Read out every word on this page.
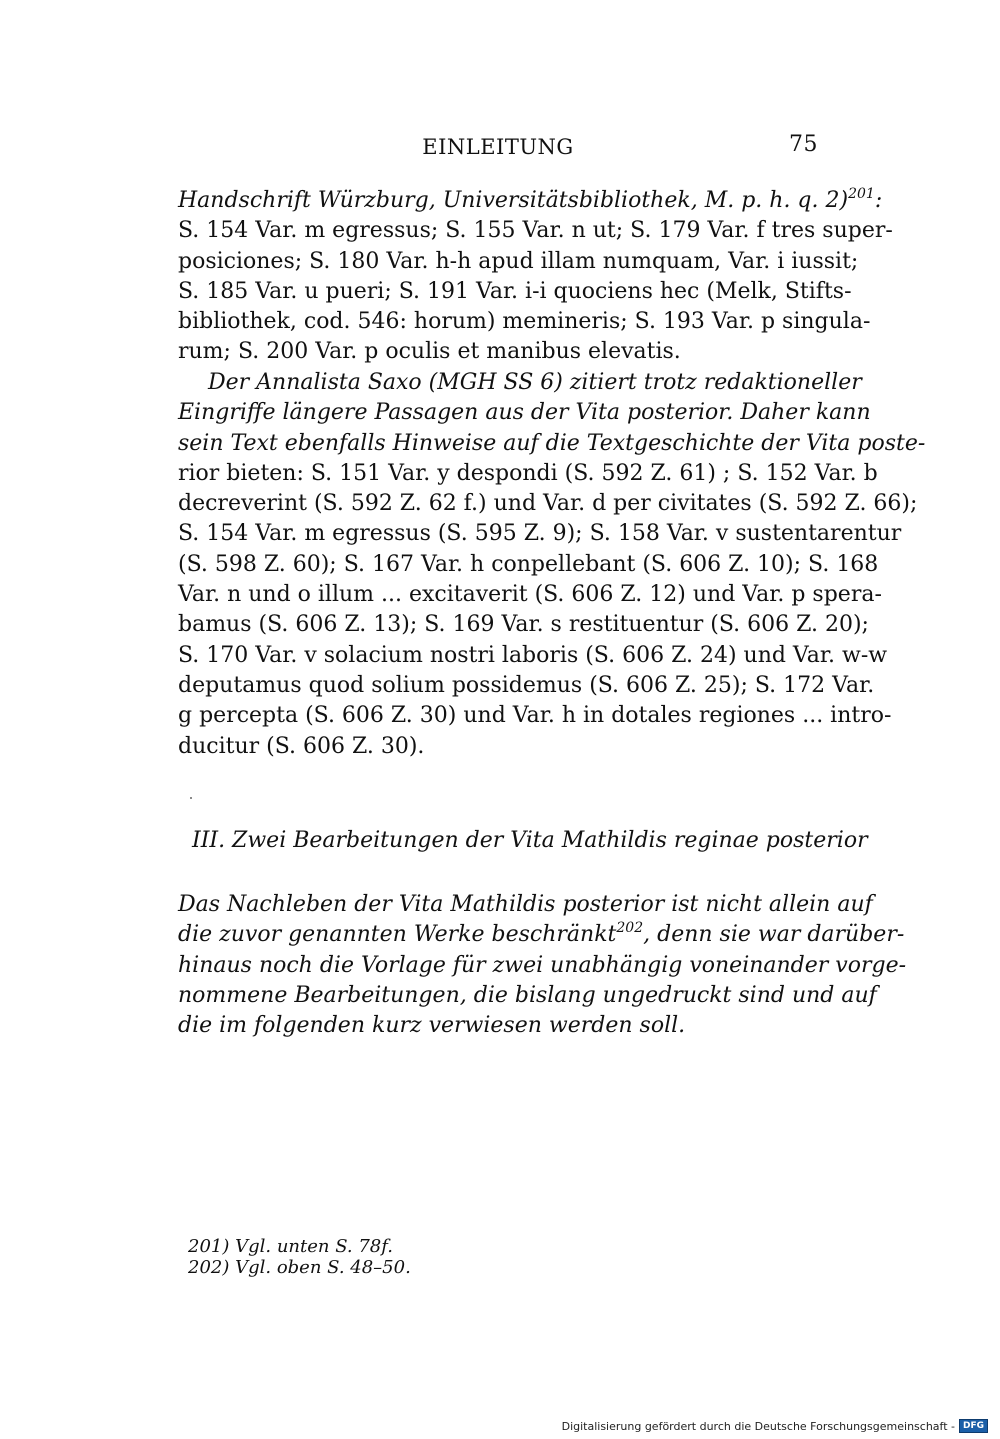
EINLEITUNG	75
Handschrift Würzburg, Universitätsbibliothek, M. p. h. q. 2)$^{201}$:
S. 154 Var. m egressus; S. 155 Var. n ut; S. 179 Var. f tres super-
posiciones; S. 180 Var. h-h apud illam numquam, Var. i iussit;
S. 185 Var. u pueri; S. 191 Var. i-i quociens hec (Melk, Stifts-
bibliothek, cod. 546: horum) memineris; S. 193 Var. p singula-
rum; S. 200 Var. p oculis et manibus elevatis.
Der Annalista Saxo (MGH SS 6) zitiert trotz redaktioneller
Eingriffe längere Passagen aus der Vita posterior. Daher kann
sein Text ebenfalls Hinweise auf die Textgeschichte der Vita poste-
rior bieten: S. 151 Var. y despondi (S. 592 Z. 61) ; S. 152 Var. b
decreverint (S. 592 Z. 62 f.) und Var. d per civitates (S. 592 Z. 66);
S. 154 Var. m egressus (S. 595 Z. 9); S. 158 Var. v sustentarentur
(S. 598 Z. 60); S. 167 Var. h conpellebant (S. 606 Z. 10); S. 168
Var. n und o illum ... excitaverit (S. 606 Z. 12) und Var. p spera-
bamus (S. 606 Z. 13); S. 169 Var. s restituentur (S. 606 Z. 20);
S. 170 Var. v solacium nostri laboris (S. 606 Z. 24) und Var. w-w
deputamus quod solium possidemus (S. 606 Z. 25); S. 172 Var.
g percepta (S. 606 Z. 30) und Var. h in dotales regiones ... intro-
ducitur (S. 606 Z. 30).
III. Zwei Bearbeitungen der Vita Mathildis reginae posterior
Das Nachleben der Vita Mathildis posterior ist nicht allein auf
die zuvor genannten Werke beschränkt$^{202}$, denn sie war darüber-
hinaus noch die Vorlage für zwei unabhängig voneinander vorge-
nommene Bearbeitungen, die bislang ungedruckt sind und auf
die im folgenden kurz verwiesen werden soll.
201) Vgl. unten S. 78f.
202) Vgl. oben S. 48–50.
Digitalisierung gefördert durch die Deutsche Forschungsgemeinschaft - DFG
